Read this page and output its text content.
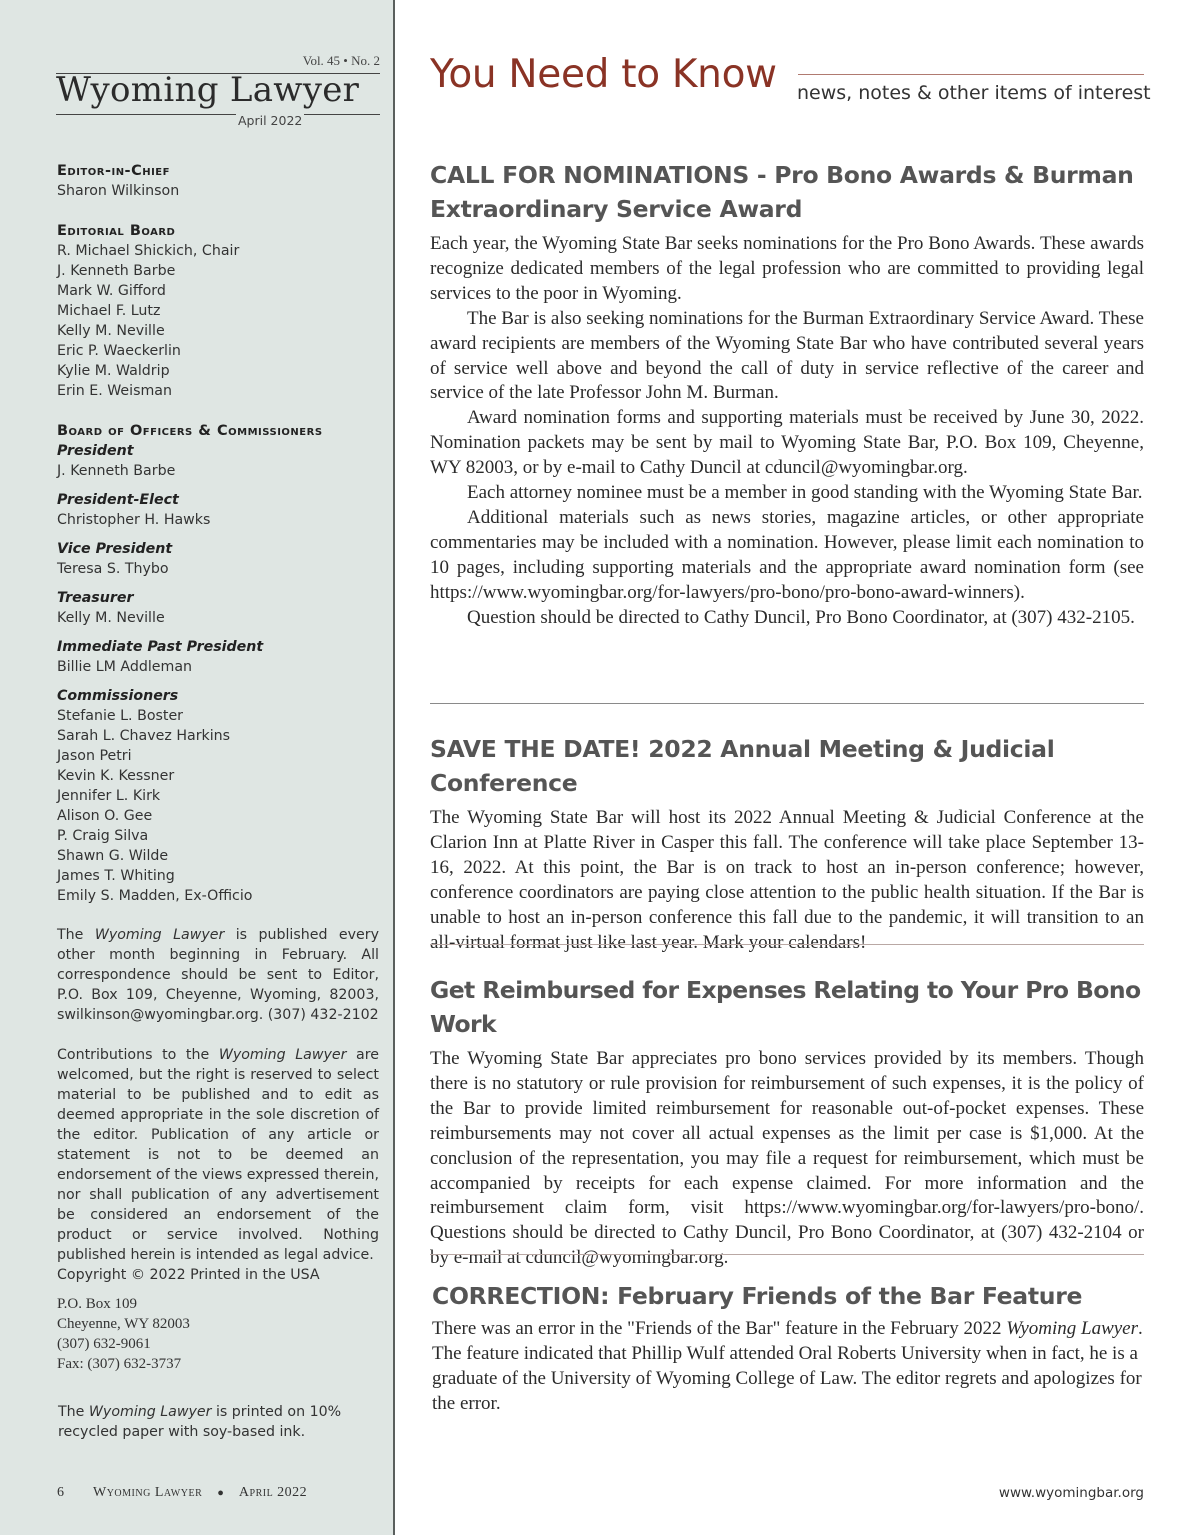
Vol. 45 • No. 2
Wyoming Lawyer
April 2022

Editor-in-Chief

Sharon Wilkinson

Editorial Board

R. Michael Shickich, Chair

J. Kenneth Barbe

Mark W. Gifford

Michael F. Lutz

Kelly M. Neville

Eric P. Waeckerlin

Kylie M. Waldrip

Erin E. Weisman

Board of Officers & Commissioners

President

J. Kenneth Barbe

President-Elect

Christopher H. Hawks

Vice President

Teresa S. Thybo

Treasurer

Kelly M. Neville

Immediate Past President

Billie LM Addleman

Commissioners

Stefanie L. Boster

Sarah L. Chavez Harkins

Jason Petri

Kevin K. Kessner

Jennifer L. Kirk

Alison O. Gee

P. Craig Silva

Shawn G. Wilde

James T. Whiting

Emily S. Madden, Ex-Officio

The Wyoming Lawyer is published every other month beginning in February. All correspondence should be sent to Editor, P.O. Box 109, Cheyenne, Wyoming, 82003, swilkinson@wyomingbar.org. (307) 432-2102

Contributions to the Wyoming Lawyer are welcomed, but the right is reserved to select material to be published and to edit as deemed appropriate in the sole discretion of the editor. Publication of any article or statement is not to be deemed an endorsement of the views expressed therein, nor shall publication of any advertisement be considered an endorsement of the product or service involved. Nothing published herein is intended as legal advice.

Copyright © 2022 Printed in the USA

P.O. Box 109

Cheyenne, WY 82003

(307) 632-9061

Fax: (307) 632-3737

The Wyoming Lawyer is printed on 10% recycled paper with soy-based ink.

6 Wyoming Lawyer ● April 2022
You Need to Know news, notes & other items of interest
CALL FOR NOMINATIONS - Pro Bono Awards & Burman Extraordinary Service Award

Each year, the Wyoming State Bar seeks nominations for the Pro Bono Awards. These awards recognize dedicated members of the legal profession who are committed to providing legal services to the poor in Wyoming.

The Bar is also seeking nominations for the Burman Extraordinary Service Award. These award recipients are members of the Wyoming State Bar who have contributed several years of service well above and beyond the call of duty in service reflective of the career and service of the late Professor John M. Burman.

Award nomination forms and supporting materials must be received by June 30, 2022. Nomination packets may be sent by mail to Wyoming State Bar, P.O. Box 109, Cheyenne, WY 82003, or by e-mail to Cathy Duncil at cduncil@wyomingbar.org.

Each attorney nominee must be a member in good standing with the Wyoming State Bar.

Additional materials such as news stories, magazine articles, or other appropriate commentaries may be included with a nomination. However, please limit each nomination to 10 pages, including supporting materials and the appropriate award nomination form (see https://www.wyomingbar.org/for-lawyers/pro-bono/pro-bono-award-winners).

Question should be directed to Cathy Duncil, Pro Bono Coordinator, at (307) 432-2105.

SAVE THE DATE! 2022 Annual Meeting & Judicial Conference

The Wyoming State Bar will host its 2022 Annual Meeting & Judicial Conference at the Clarion Inn at Platte River in Casper this fall. The conference will take place September 13-16, 2022. At this point, the Bar is on track to host an in-person conference; however, conference coordinators are paying close attention to the public health situation. If the Bar is unable to host an in-person conference this fall due to the pandemic, it will transition to an all-virtual format just like last year. Mark your calendars!

Get Reimbursed for Expenses Relating to Your Pro Bono Work

The Wyoming State Bar appreciates pro bono services provided by its members. Though there is no statutory or rule provision for reimbursement of such expenses, it is the policy of the Bar to provide limited reimbursement for reasonable out-of-pocket expenses. These reimbursements may not cover all actual expenses as the limit per case is $1,000. At the conclusion of the representation, you may file a request for reimbursement, which must be accompanied by receipts for each expense claimed. For more information and the reimbursement claim form, visit https://www.wyomingbar.org/for-lawyers/pro-bono/. Questions should be directed to Cathy Duncil, Pro Bono Coordinator, at (307) 432-2104 or by e-mail at cduncil@wyomingbar.org.

CORRECTION: February Friends of the Bar Feature

There was an error in the "Friends of the Bar" feature in the February 2022 Wyoming Lawyer. The feature indicated that Phillip Wulf attended Oral Roberts University when in fact, he is a graduate of the University of Wyoming College of Law. The editor regrets and apologizes for the error.

www.wyomingbar.org
